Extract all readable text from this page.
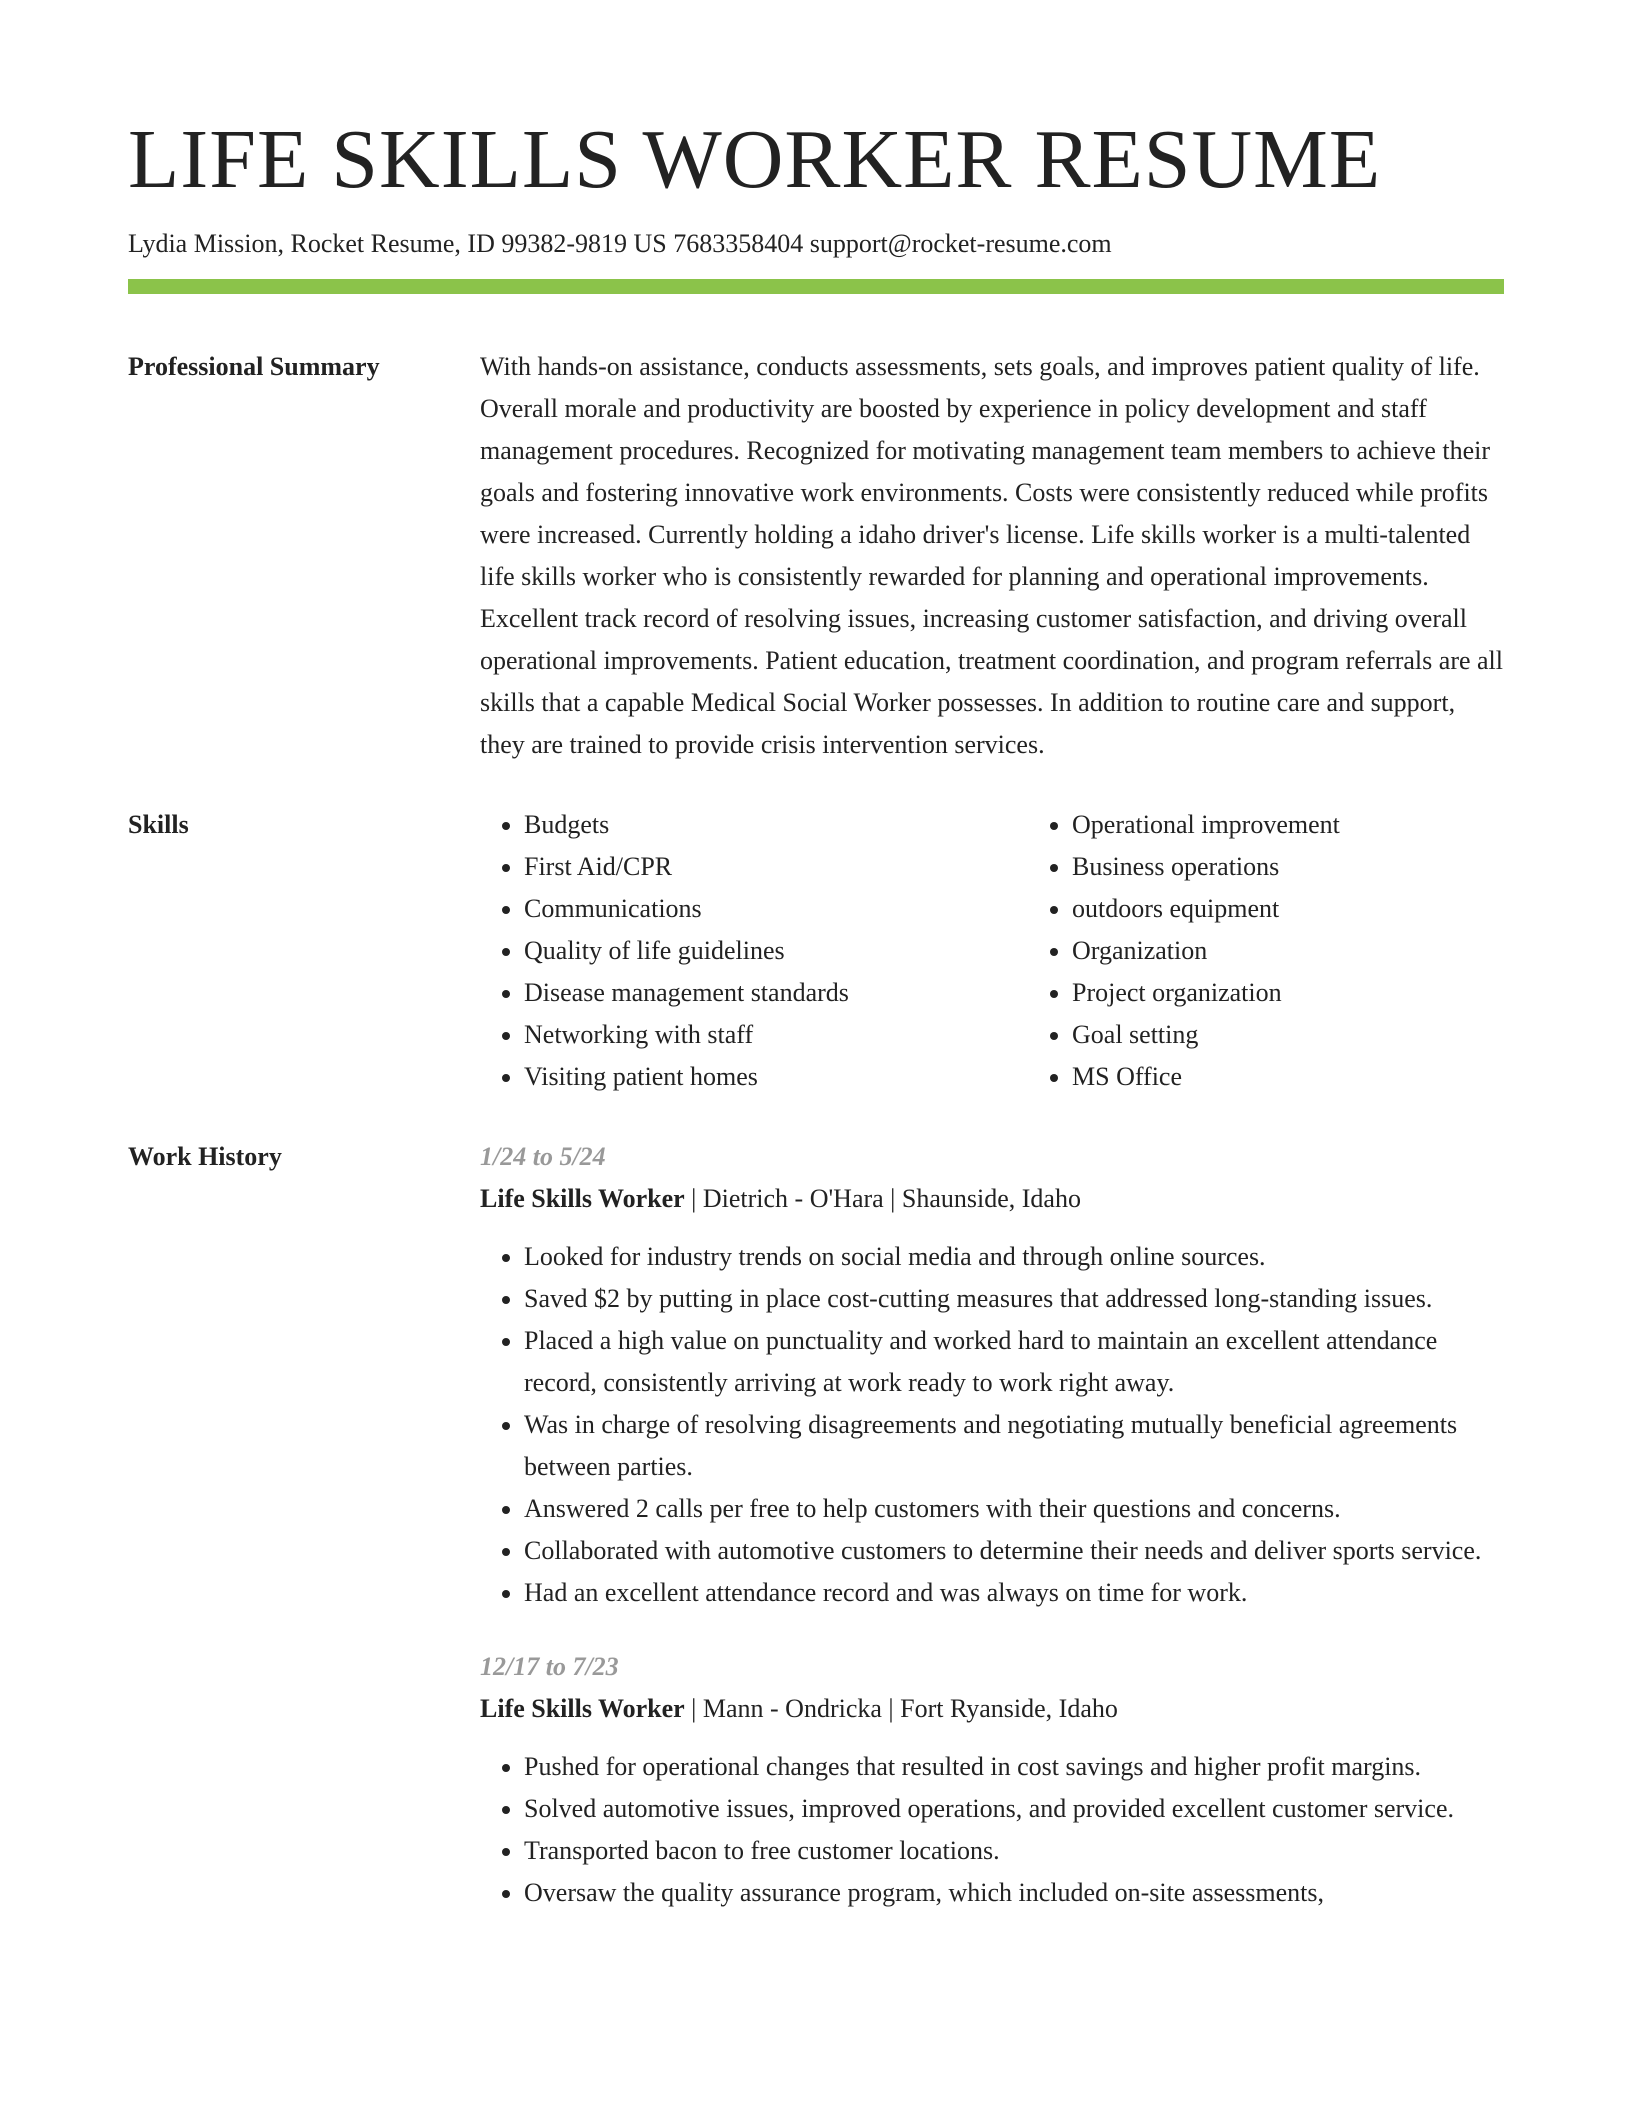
LIFE SKILLS WORKER RESUME
Lydia Mission, Rocket Resume, ID 99382-9819 US 7683358404 support@rocket-resume.com
Professional Summary	With hands-on assistance, conducts assessments, sets goals, and improves patient quality of life. Overall morale and productivity are boosted by experience in policy development and staff management procedures. Recognized for motivating management team members to achieve their goals and fostering innovative work environments. Costs were consistently reduced while profits were increased. Currently holding a idaho driver's license. Life skills worker is a multi-talented life skills worker who is consistently rewarded for planning and operational improvements. Excellent track record of resolving issues, increasing customer satisfaction, and driving overall operational improvements. Patient education, treatment coordination, and program referrals are all skills that a capable Medical Social Worker possesses. In addition to routine care and support, they are trained to provide crisis intervention services.

Skills
•	Budgets
• First Aid/CPR
• Communications
• Quality of life guidelines
• Disease management standards
• Networking with staff
• Visiting patient homes
• Operational improvement
• Business operations
• outdoors equipment
• Organization
• Project organization
• Goal setting
• MS Office
Work History	1/24 to 5/24
Life Skills Worker | Dietrich - O'Hara | Shaunside, Idaho
• Looked for industry trends on social media and through online sources.
• Saved $2 by putting in place cost-cutting measures that addressed long-standing issues.
• Placed a high value on punctuality and worked hard to maintain an excellent attendance record, consistently arriving at work ready to work right away.
• Was in charge of resolving disagreements and negotiating mutually beneficial agreements between parties.
• Answered 2 calls per free to help customers with their questions and concerns.
• Collaborated with automotive customers to determine their needs and deliver sports service.
• Had an excellent attendance record and was always on time for work.
12/17 to 7/23
Life Skills Worker | Mann - Ondricka | Fort Ryanside, Idaho
• Pushed for operational changes that resulted in cost savings and higher profit margins.
• Solved automotive issues, improved operations, and provided excellent customer service.
• Transported bacon to free customer locations.
• Oversaw the quality assurance program, which included on-site assessments,
